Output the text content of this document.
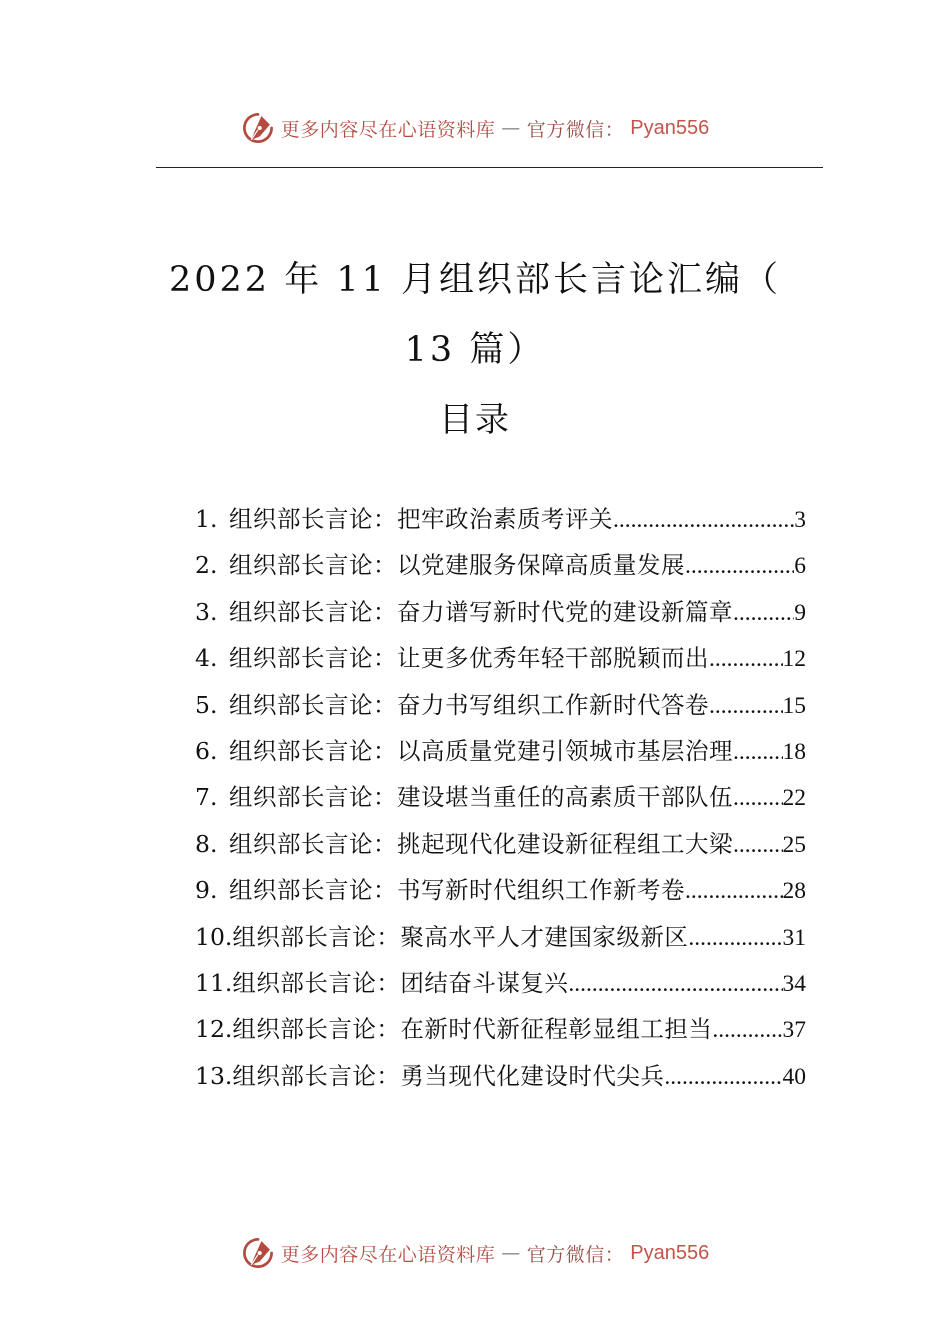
更多内容尽在心语资料库 — 官方微信： Pyan556
2022 年 11 月组织部长言论汇编（
13 篇）
目录
1. 组织部长言论： 把牢政治素质考评关 .....	3
2. 组织部长言论： 以党建服务保障高质量发展 .....	6
3. 组织部长言论： 奋力谱写新时代党的建设新篇章 .....	9
4. 组织部长言论： 让更多优秀年轻干部脱颖而出 .....	12
5. 组织部长言论： 奋力书写组织工作新时代答卷 .....	15
6. 组织部长言论： 以高质量党建引领城市基层治理 ..... 18
7. 组织部长言论： 建设堪当重任的高素质干部队伍 ..... 22
8. 组织部长言论： 挑起现代化建设新征程组工大梁 ..... 25
9. 组织部长言论： 书写新时代组织工作新考卷 .....	28
10. 组织部长言论： 聚高水平人才建国家级新区 .....	31
11. 组织部长言论： 团结奋斗谋复兴 .....	34
12. 组织部长言论： 在新时代新征程彰显组工担当 .....	37
13. 组织部长言论： 勇当现代化建设时代尖兵 .....	40
更多内容尽在心语资料库 — 官方微信： Pyan556
